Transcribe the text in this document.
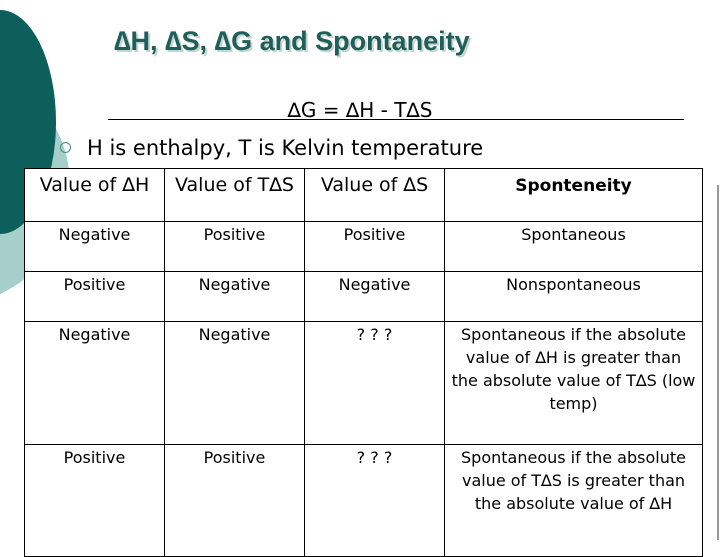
∆H, ∆S, ∆G and Spontaneity
∆G = ∆H - T∆S
H is enthalpy, T is Kelvin temperature
Value of ∆H	Value of T∆S	Value of ∆S	Sponteneity
Negative	Positive	Positive	Spontaneous
Positive	Negative	Negative	Nonspontaneous
Negative	Negative	? ? ?	Spontaneous if the absolute value of ∆H is greater than the absolute value of T∆S (low temp)

Positive	Positive	? ? ?	Spontaneous if the absolute value of T∆S is greater than the absolute value of ∆H
